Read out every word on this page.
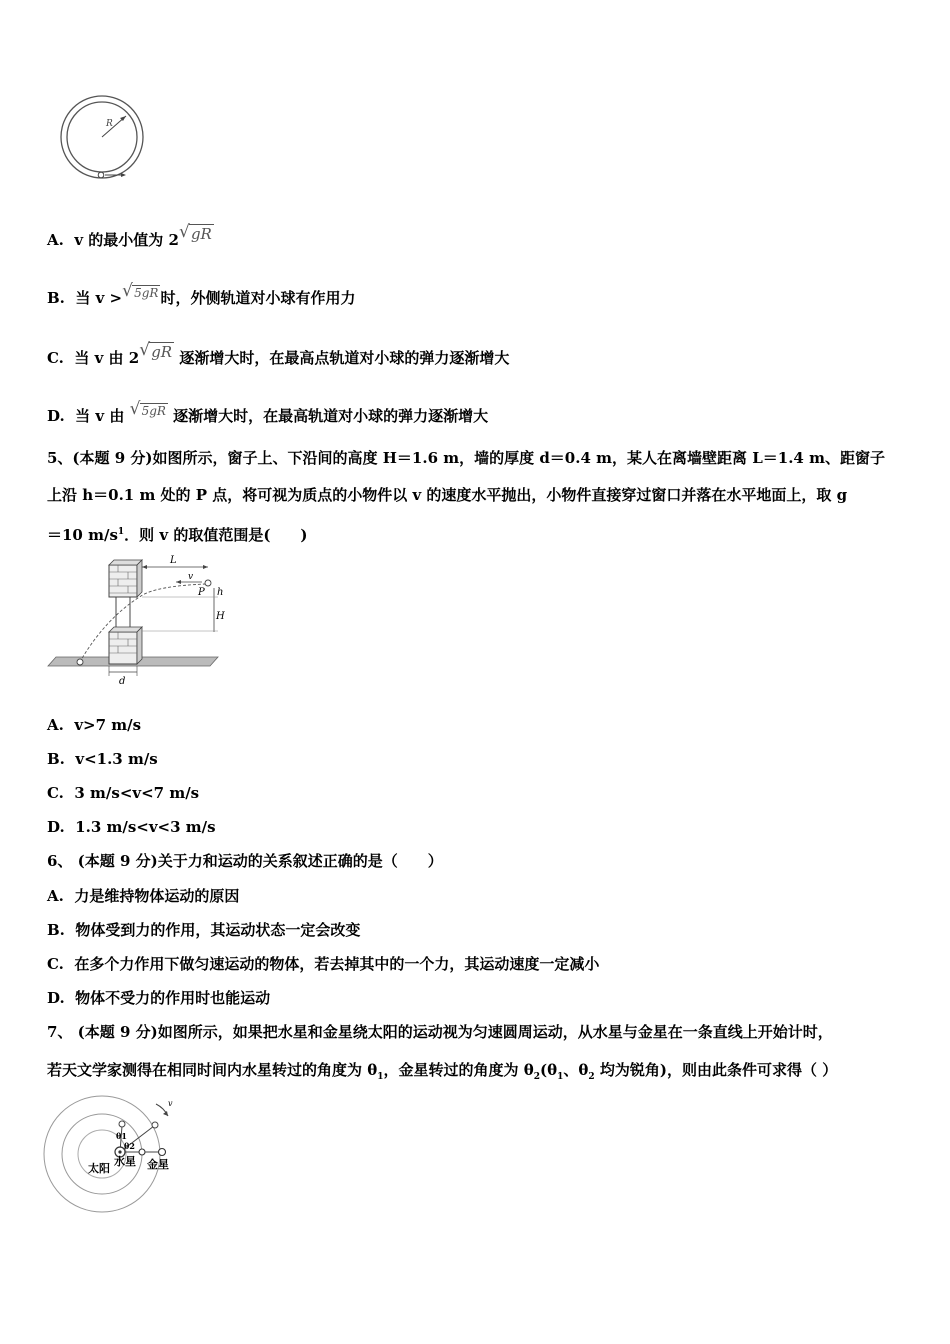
R
A. v 的最小值为 2 √ gR
B. 当 v > √ 5gR 时，外侧轨道对小球有作用力
C. 当 v 由 2 √ gR 逐渐增大时，在最高点轨道对小球的弹力逐渐增大
D. 当 v 由 √ 5gR 逐渐增大时，在最高轨道对小球的弹力逐渐增大
5、(本题 9 分)如图所示，窗子上、下沿间的高度 H＝1.6 m，墙的厚度 d＝0.4 m，某人在离墙壁距离 L＝1.4 m、距窗子
上沿 h＝0.1 m 处的 P 点，将可视为质点的小物件以 v 的速度水平抛出，小物件直接穿过窗口并落在水平地面上，取 g
＝10 $m/s^1$．则 v 的取值范围是(　　)
L
v
P h
H
d
A. v>7 m/s
B. v<1.3 m/s
C. 3 m/s<v<7 m/s
D. 1.3 m/s<v<3 m/s
6、 (本题 9 分)关于力和运动的关系叙述正确的是（　　）
A. 力是维持物体运动的原因
B. 物体受到力的作用，其运动状态一定会改变
C. 在多个力作用下做匀速运动的物体，若去掉其中的一个力，其运动速度一定减小
D. 物体不受力的作用时也能运动
7、 (本题 9 分)如图所示，如果把水星和金星绕太阳的运动视为匀速圆周运动，从水星与金星在一条直线上开始计时，
若天文学家测得在相同时间内水星转过的角度为 $\theta_1$，金星转过的角度为 $\theta_2(\theta_1$、$\theta_2$ 均为锐角)，则由此条件可求得（ ）
v
θ1
θ2
太阳
水星 金星
